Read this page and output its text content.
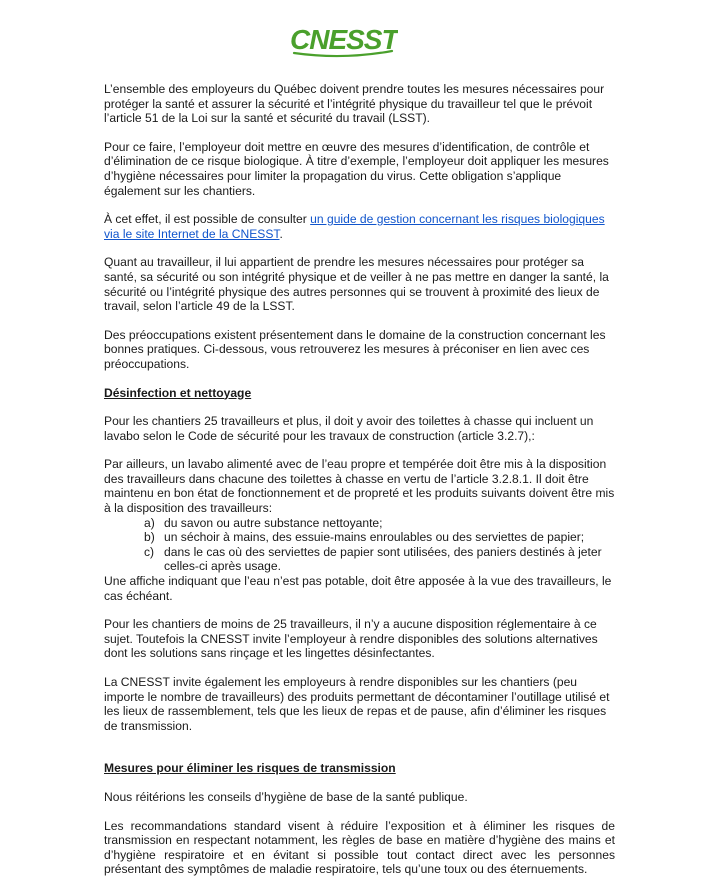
CNESST

L’ensemble des employeurs du Québec doivent prendre toutes les mesures nécessaires pour protéger la santé et assurer la sécurité et l’intégrité physique du travailleur tel que le prévoit l’article 51 de la Loi sur la santé et sécurité du travail (LSST).

Pour ce faire, l’employeur doit mettre en œuvre des mesures d’identification, de contrôle et d’élimination de ce risque biologique. À titre d’exemple, l’employeur doit appliquer les mesures d’hygiène nécessaires pour limiter la propagation du virus. Cette obligation s’applique également sur les chantiers.

À cet effet, il est possible de consulter un guide de gestion concernant les risques biologiques via le site Internet de la CNESST.

Quant au travailleur, il lui appartient de prendre les mesures nécessaires pour protéger sa santé, sa sécurité ou son intégrité physique et de veiller à ne pas mettre en danger la santé, la sécurité ou l’intégrité physique des autres personnes qui se trouvent à proximité des lieux de travail, selon l’article 49 de la LSST.

Des préoccupations existent présentement dans le domaine de la construction concernant les bonnes pratiques. Ci-dessous, vous retrouverez les mesures à préconiser en lien avec ces préoccupations.

Désinfection et nettoyage

Pour les chantiers 25 travailleurs et plus, il doit y avoir des toilettes à chasse qui incluent un lavabo selon le Code de sécurité pour les travaux de construction (article 3.2.7),:

Par ailleurs, un lavabo alimenté avec de l’eau propre et tempérée doit être mis à la disposition des travailleurs dans chacune des toilettes à chasse en vertu de l’article 3.2.8.1. Il doit être maintenu en bon état de fonctionnement et de propreté et les produits suivants doivent être mis à la disposition des travailleurs:

a) du savon ou autre substance nettoyante;
b) un séchoir à mains, des essuie-mains enroulables ou des serviettes de papier;
c) dans le cas où des serviettes de papier sont utilisées, des paniers destinés à jeter celles-ci après usage.

Une affiche indiquant que l’eau n’est pas potable, doit être apposée à la vue des travailleurs, le cas échéant.

Pour les chantiers de moins de 25 travailleurs, il n’y a aucune disposition réglementaire à ce sujet. Toutefois la CNESST invite l’employeur à rendre disponibles des solutions alternatives dont les solutions sans rinçage et les lingettes désinfectantes.

La CNESST invite également les employeurs à rendre disponibles sur les chantiers (peu importe le nombre de travailleurs) des produits permettant de décontaminer l’outillage utilisé et les lieux de rassemblement, tels que les lieux de repas et de pause, afin d’éliminer les risques de transmission.

Mesures pour éliminer les risques de transmission

Nous réitérions les conseils d’hygiène de base de la santé publique.

Les recommandations standard visent à réduire l’exposition et à éliminer les risques de transmission en respectant notamment, les règles de base en matière d’hygiène des mains et d’hygiène respiratoire et en évitant si possible tout contact direct avec les personnes présentant des symptômes de maladie respiratoire, tels qu’une toux ou des éternuements.
